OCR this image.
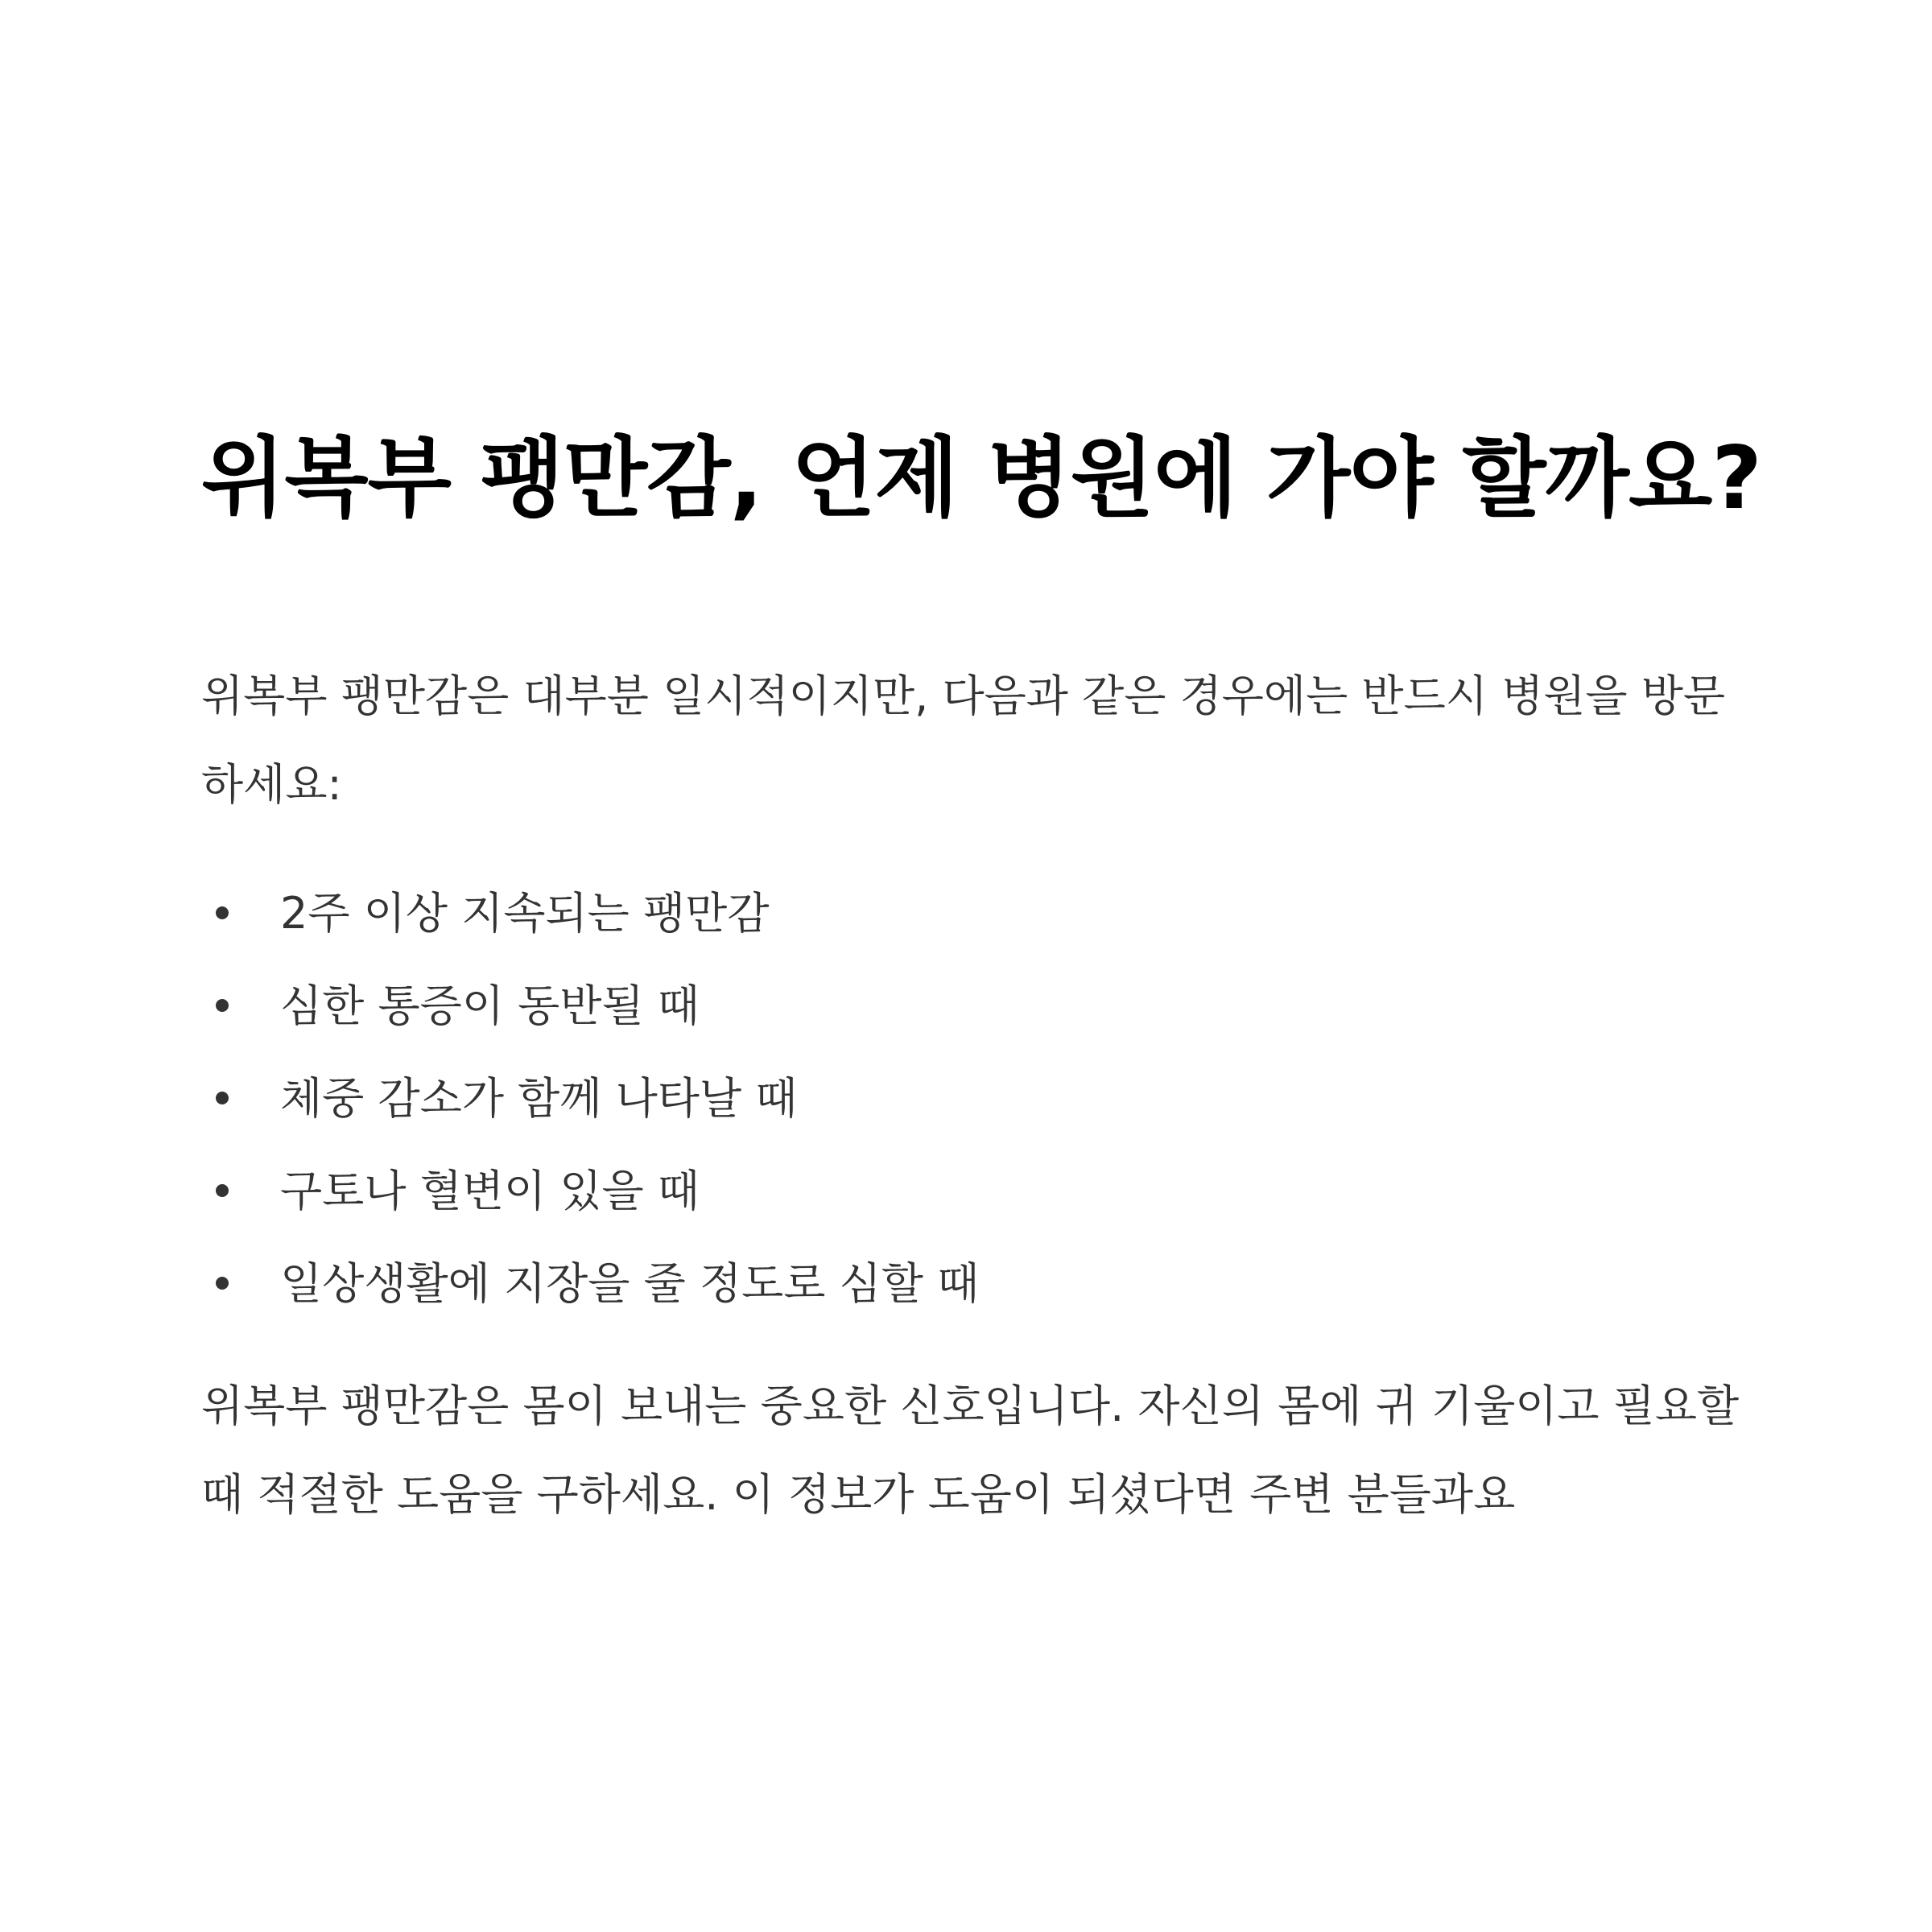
위복부 팽만감, 언제 병원에 가야 할까요?

위복부 팽만감은 대부분 일시적이지만, 다음과 같은 경우에는 반드시 병원을 방문하세요:

2주 이상 지속되는 팽만감
심한 통증이 동반될 때
체중 감소가 함께 나타날 때
구토나 혈변이 있을 때
일상생활에 지장을 줄 정도로 심할 때

위복부 팽만감은 몸이 보내는 중요한 신호입니다. 자신의 몸에 귀 기울이고 필요할 때 적절한 도움을 구하세요. 이 정보가 도움이 되셨다면 주변 분들과요
